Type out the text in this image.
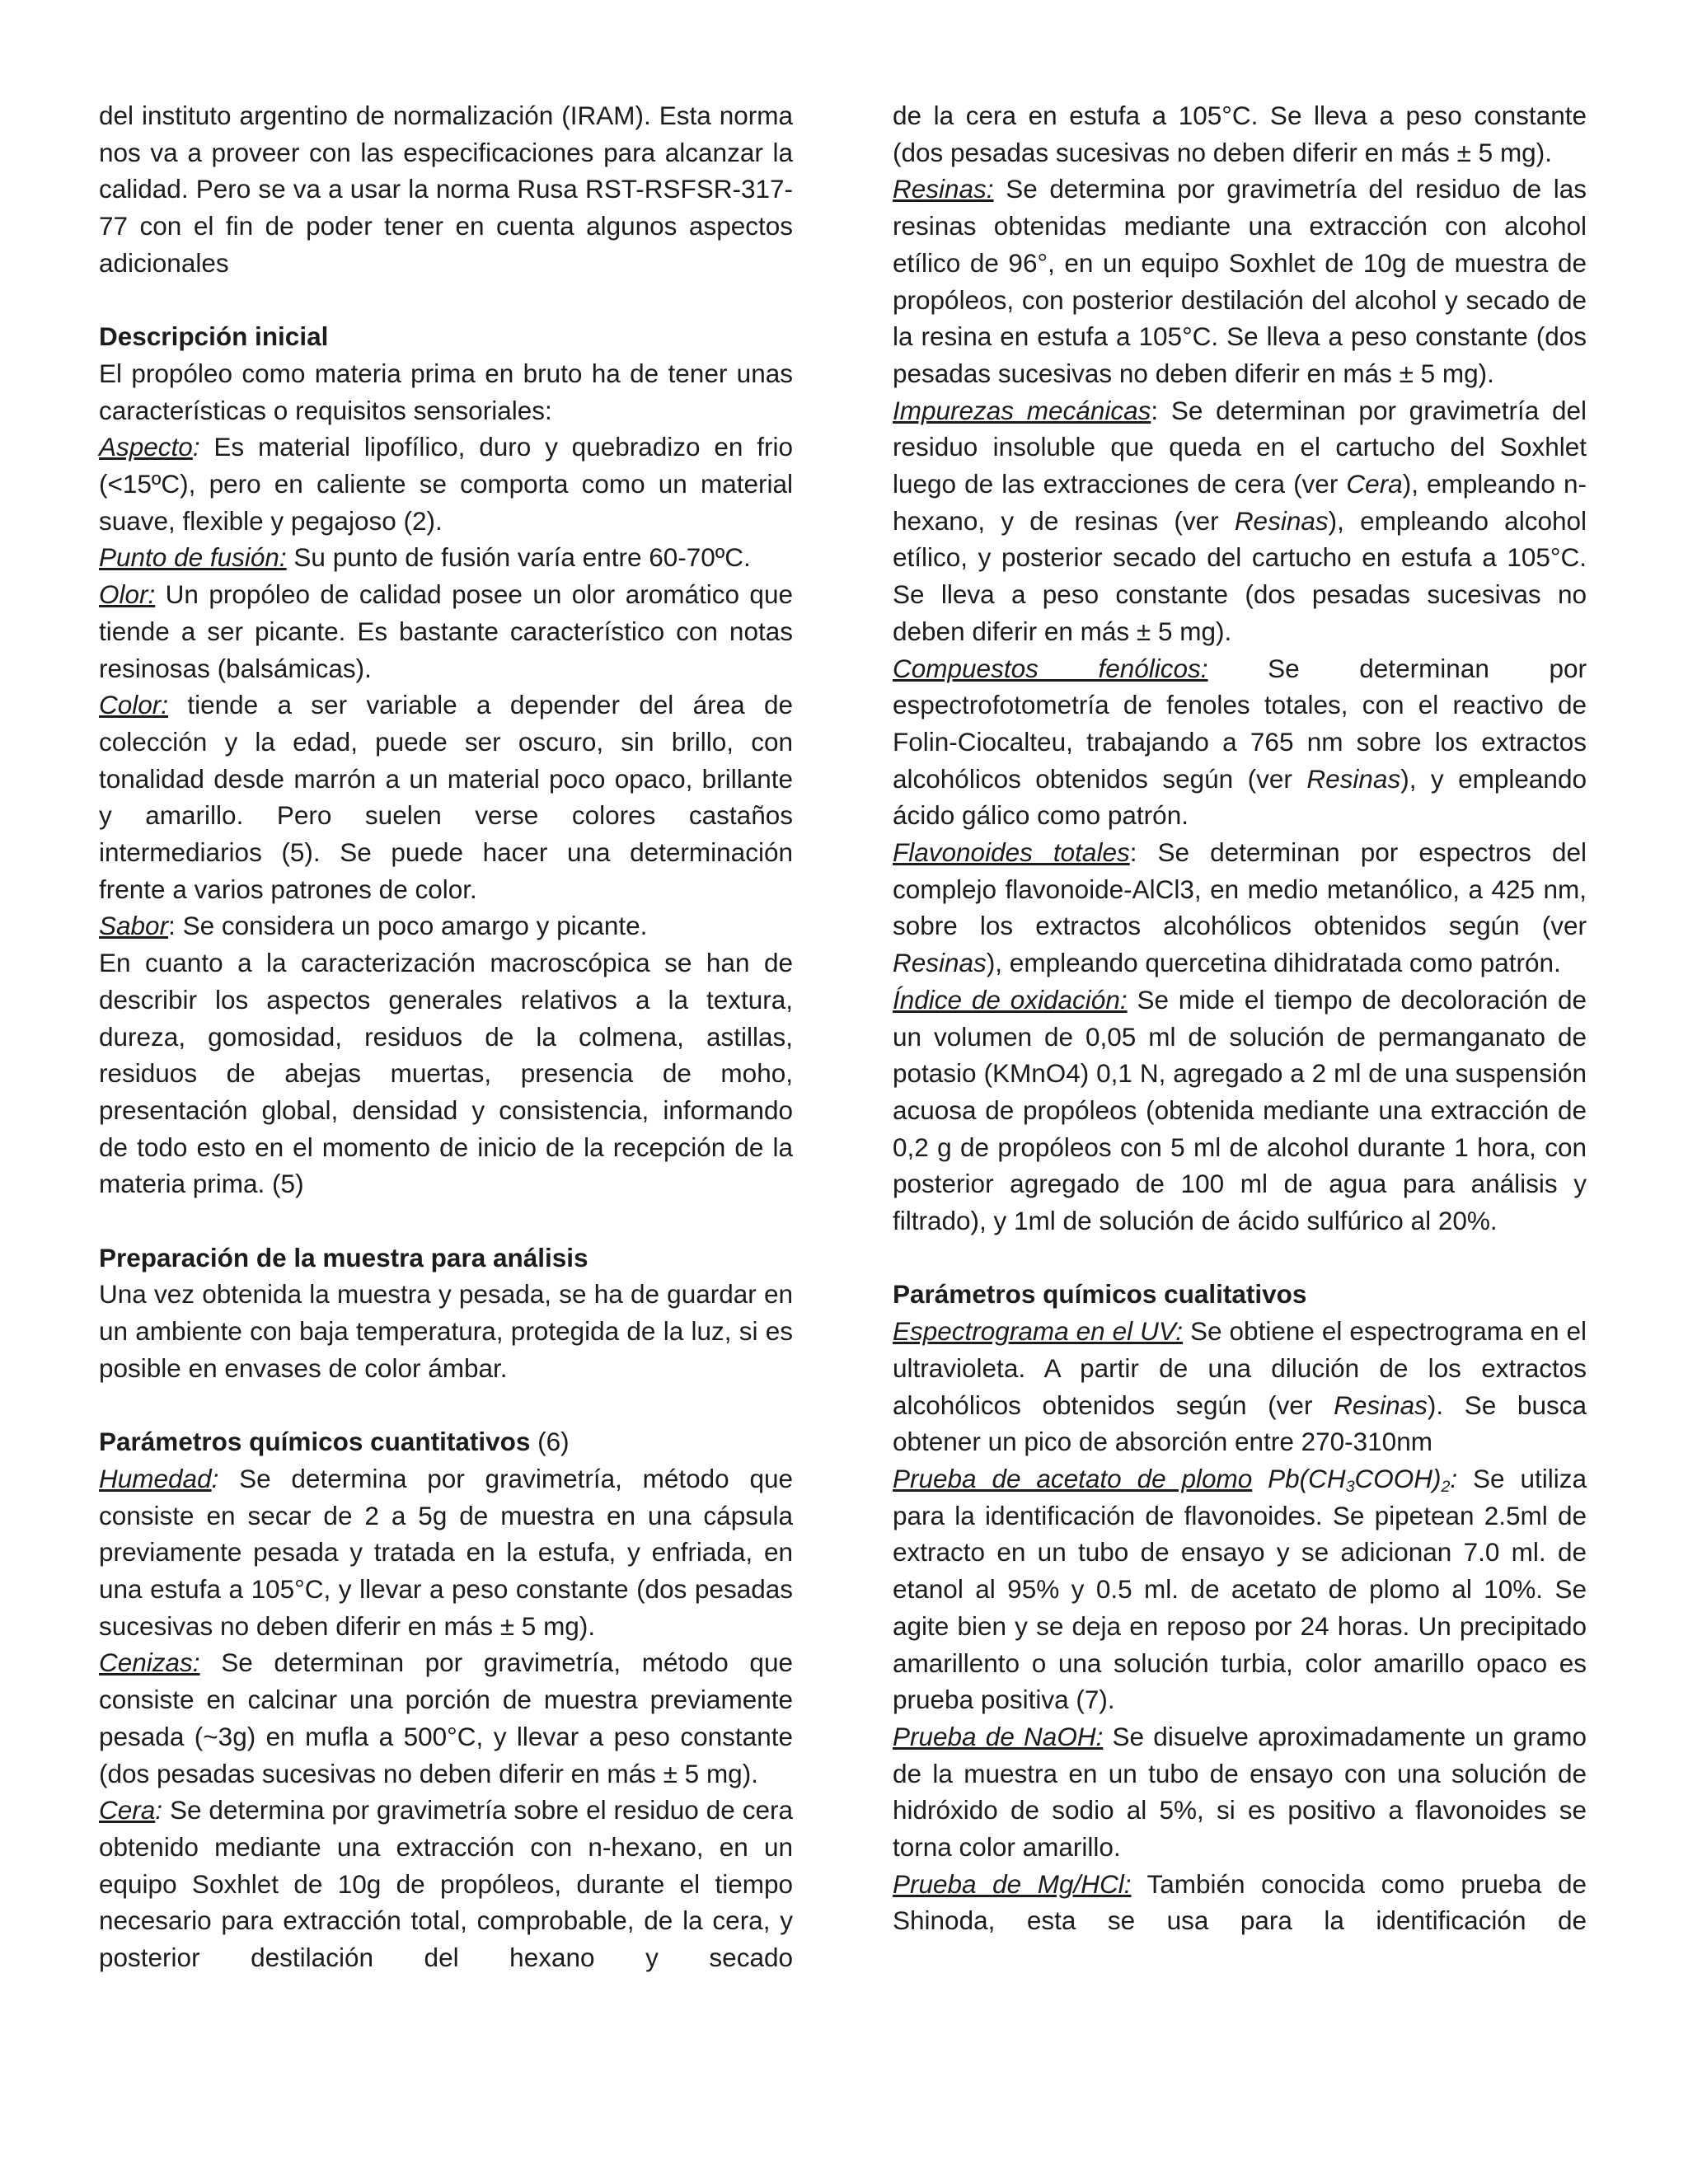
del instituto argentino de normalización (IRAM). Esta norma nos va a proveer con las especificaciones para alcanzar la calidad. Pero se va a usar la norma Rusa RST-RSFSR-317-77 con el fin de poder tener en cuenta algunos aspectos adicionales

Descripción inicial

El propóleo como materia prima en bruto ha de tener unas características o requisitos sensoriales:

Aspecto: Es material lipofílico, duro y quebradizo en frio (<15ºC), pero en caliente se comporta como un material suave, flexible y pegajoso (2).

Punto de fusión: Su punto de fusión varía entre 60-70ºC.

Olor: Un propóleo de calidad posee un olor aromático que tiende a ser picante. Es bastante característico con notas resinosas (balsámicas).

Color: tiende a ser variable a depender del área de colección y la edad, puede ser oscuro, sin brillo, con tonalidad desde marrón a un material poco opaco, brillante y amarillo. Pero suelen verse colores castaños intermediarios (5). Se puede hacer una determinación frente a varios patrones de color.

Sabor: Se considera un poco amargo y picante.

En cuanto a la caracterización macroscópica se han de describir los aspectos generales relativos a la textura, dureza, gomosidad, residuos de la colmena, astillas, residuos de abejas muertas, presencia de moho, presentación global, densidad y consistencia, informando de todo esto en el momento de inicio de la recepción de la materia prima. (5)

Preparación de la muestra para análisis

Una vez obtenida la muestra y pesada, se ha de guardar en un ambiente con baja temperatura, protegida de la luz, si es posible en envases de color ámbar.

Parámetros químicos cuantitativos (6)

Humedad: Se determina por gravimetría, método que consiste en secar de 2 a 5g de muestra en una cápsula previamente pesada y tratada en la estufa, y enfriada, en una estufa a 105°C, y llevar a peso constante (dos pesadas sucesivas no deben diferir en más ± 5 mg).

Cenizas: Se determinan por gravimetría, método que consiste en calcinar una porción de muestra previamente pesada (~3g) en mufla a 500°C, y llevar a peso constante (dos pesadas sucesivas no deben diferir en más ± 5 mg).

Cera: Se determina por gravimetría sobre el residuo de cera obtenido mediante una extracción con n-hexano, en un equipo Soxhlet de 10g de propóleos, durante el tiempo necesario para extracción total, comprobable, de la cera, y posterior destilación del hexano y secado

de la cera en estufa a 105°C. Se lleva a peso constante (dos pesadas sucesivas no deben diferir en más ± 5 mg).

Resinas: Se determina por gravimetría del residuo de las resinas obtenidas mediante una extracción con alcohol etílico de 96°, en un equipo Soxhlet de 10g de muestra de propóleos, con posterior destilación del alcohol y secado de la resina en estufa a 105°C. Se lleva a peso constante (dos pesadas sucesivas no deben diferir en más ± 5 mg).

Impurezas mecánicas: Se determinan por gravimetría del residuo insoluble que queda en el cartucho del Soxhlet luego de las extracciones de cera (ver Cera), empleando n-hexano, y de resinas (ver Resinas), empleando alcohol etílico, y posterior secado del cartucho en estufa a 105°C. Se lleva a peso constante (dos pesadas sucesivas no deben diferir en más ± 5 mg).

Compuestos fenólicos: Se determinan por espectrofotometría de fenoles totales, con el reactivo de Folin-Ciocalteu, trabajando a 765 nm sobre los extractos alcohólicos obtenidos según (ver Resinas), y empleando ácido gálico como patrón.

Flavonoides totales: Se determinan por espectros del complejo flavonoide-AlCl3, en medio metanólico, a 425 nm, sobre los extractos alcohólicos obtenidos según (ver Resinas), empleando quercetina dihidratada como patrón.

Índice de oxidación: Se mide el tiempo de decoloración de un volumen de 0,05 ml de solución de permanganato de potasio (KMnO4) 0,1 N, agregado a 2 ml de una suspensión acuosa de propóleos (obtenida mediante una extracción de 0,2 g de propóleos con 5 ml de alcohol durante 1 hora, con posterior agregado de 100 ml de agua para análisis y filtrado), y 1ml de solución de ácido sulfúrico al 20%.

Parámetros químicos cualitativos

Espectrograma en el UV: Se obtiene el espectrograma en el ultravioleta. A partir de una dilución de los extractos alcohólicos obtenidos según (ver Resinas). Se busca obtener un pico de absorción entre 270-310nm

Prueba de acetato de plomo $Pb(CH_3COOH)_2$: Se utiliza para la identificación de flavonoides. Se pipetean 2.5ml de extracto en un tubo de ensayo y se adicionan 7.0 ml. de etanol al 95% y 0.5 ml. de acetato de plomo al 10%. Se agite bien y se deja en reposo por 24 horas. Un precipitado amarillento o una solución turbia, color amarillo opaco es prueba positiva (7).

Prueba de NaOH: Se disuelve aproximadamente un gramo de la muestra en un tubo de ensayo con una solución de hidróxido de sodio al 5%, si es positivo a flavonoides se torna color amarillo.

Prueba de Mg/HCl: También conocida como prueba de Shinoda, esta se usa para la identificación de
